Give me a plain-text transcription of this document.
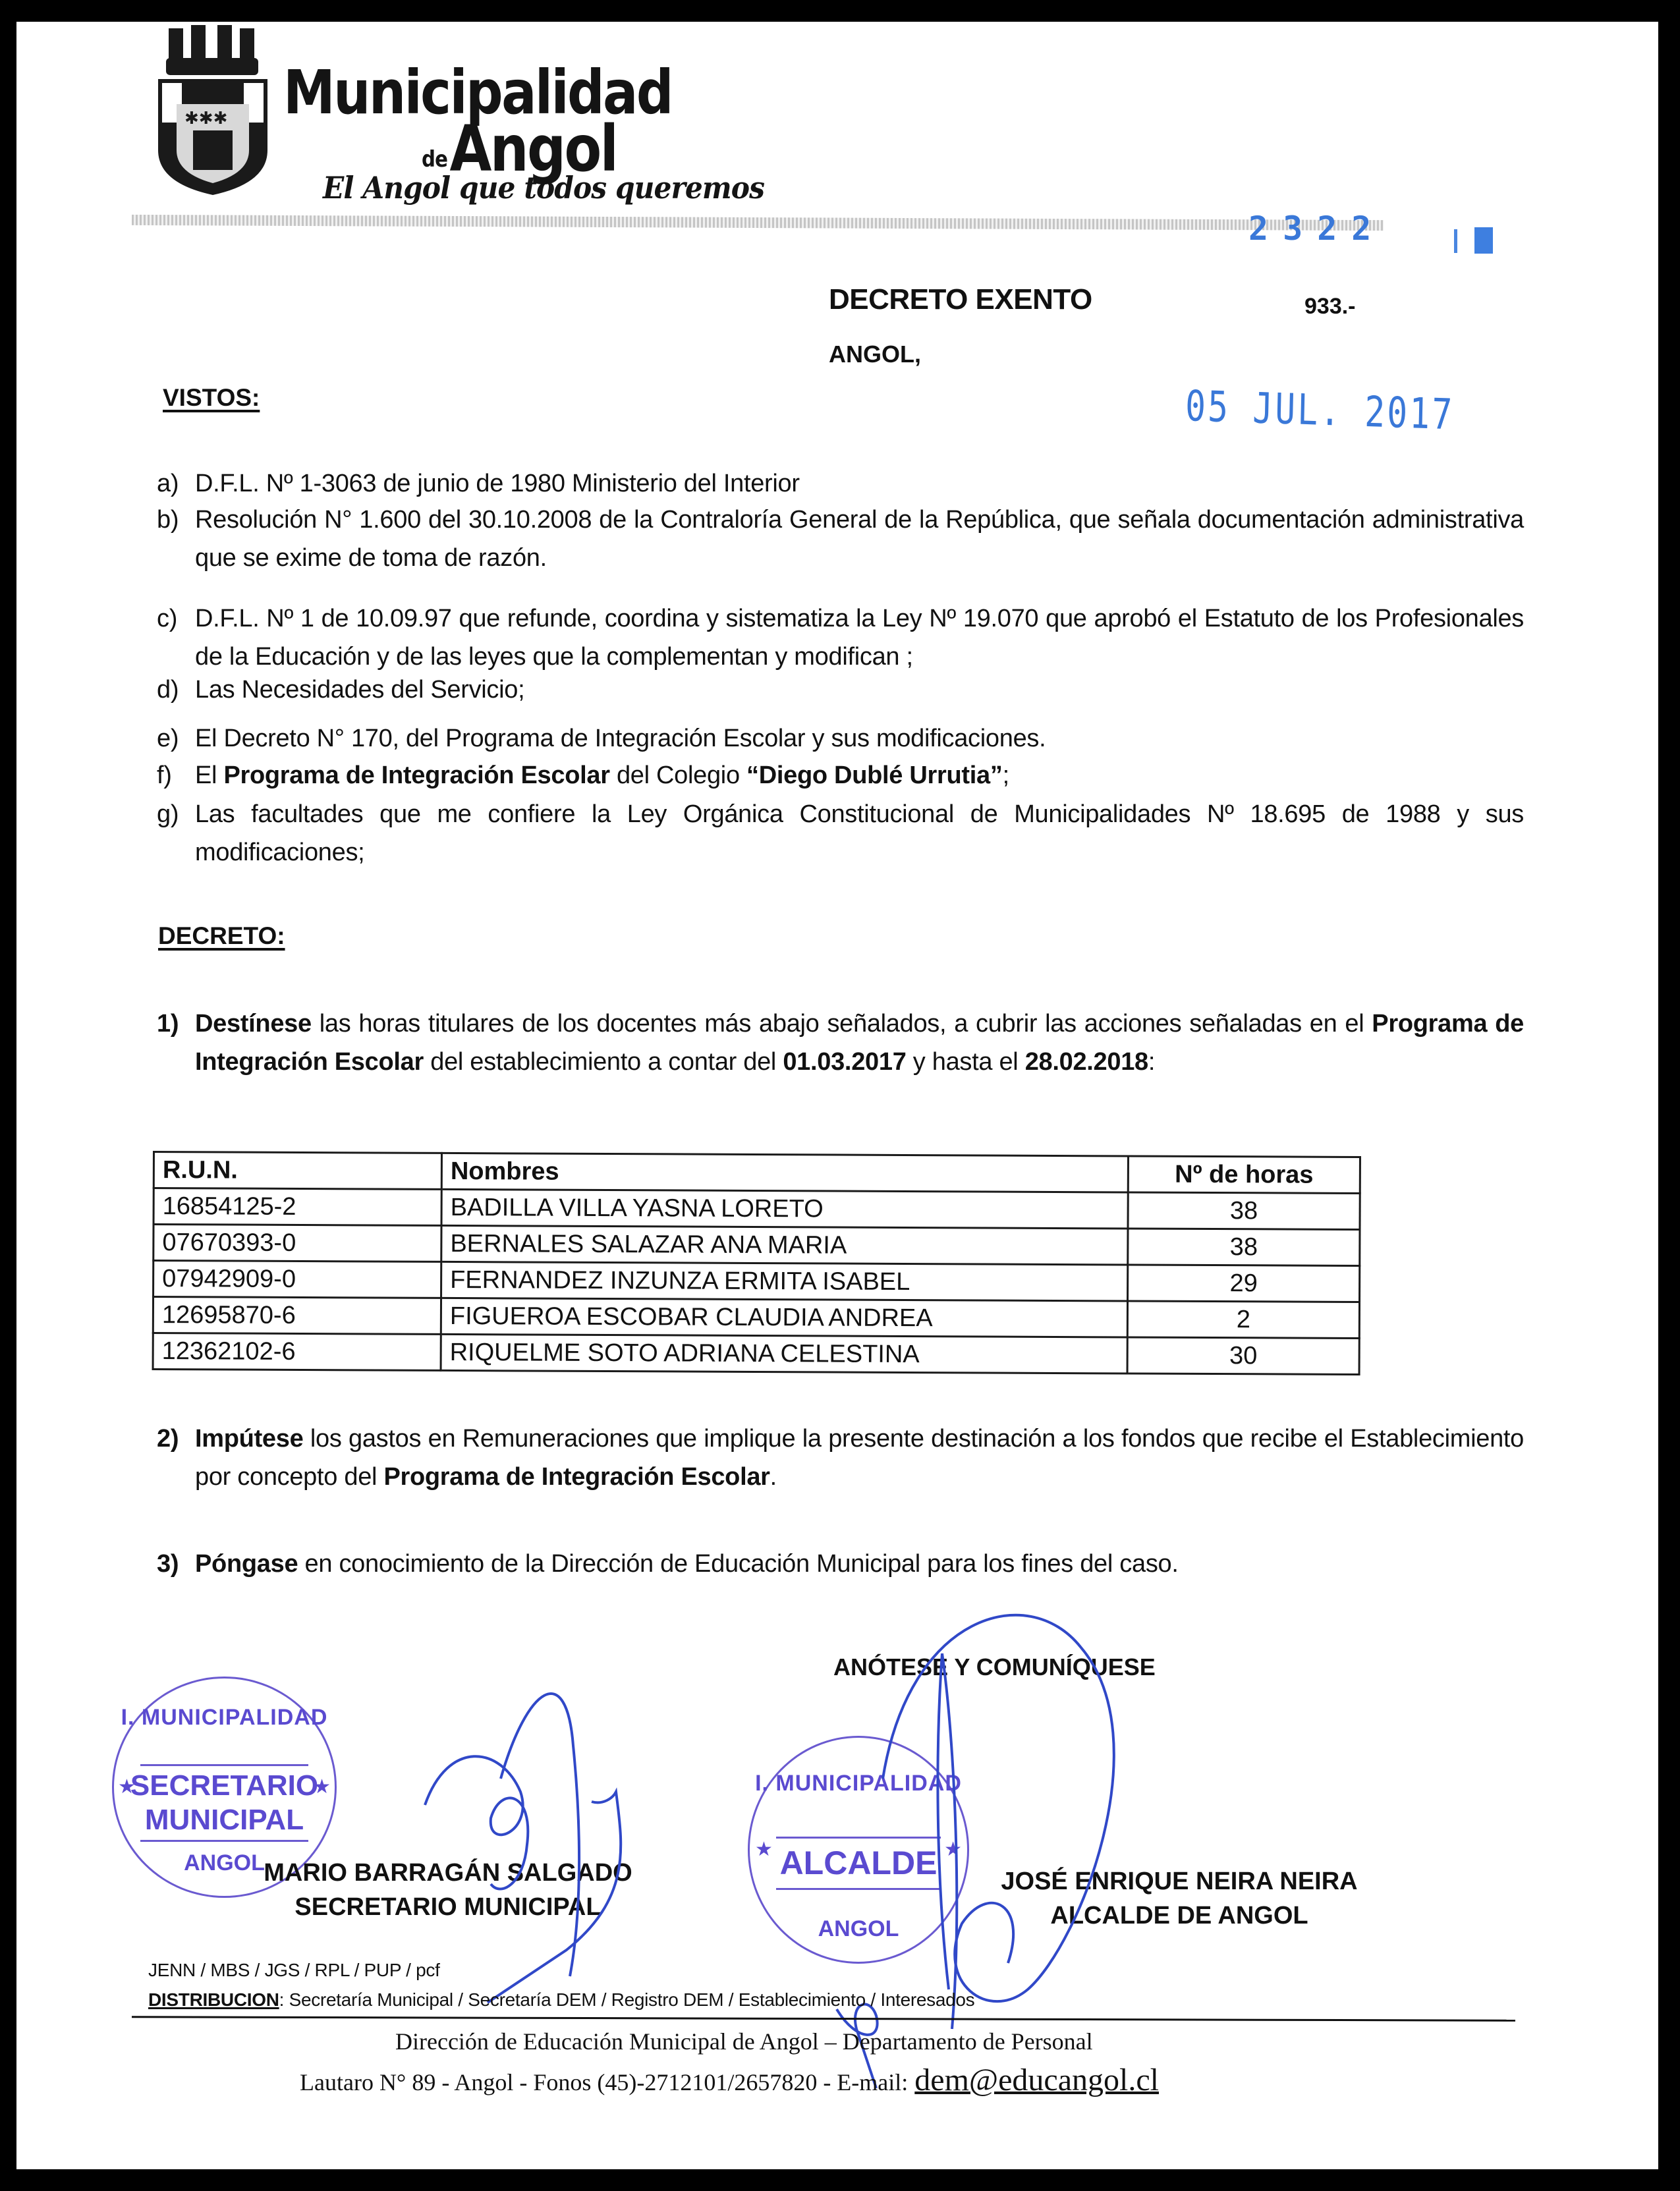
✱✱✱ Municipalidad
deAngol
El Angol que todos queremos
2322
DECRETO EXENTO	933.-
ANGOL,
05 JUL. 2017
VISTOS:
a) D.F.L. Nº 1-3063 de junio de 1980 Ministerio del Interior
b) Resolución N° 1.600 del 30.10.2008 de la Contraloría General de la República, que señala documentación administrativa que se exime de toma de razón.
c) D.F.L. Nº 1 de 10.09.97 que refunde, coordina y sistematiza la Ley Nº 19.070 que aprobó el Estatuto de los Profesionales de la Educación y de las leyes que la complementan y modifican ;
d) Las Necesidades del Servicio;
e) El Decreto N° 170, del Programa de Integración Escolar y sus modificaciones.
f) El Programa de Integración Escolar del Colegio “Diego Dublé Urrutia”;
g) Las facultades que me confiere la Ley Orgánica Constitucional de Municipalidades Nº 18.695 de 1988 y sus modificaciones;
DECRETO:
1) Destínese las horas titulares de los docentes más abajo señalados, a cubrir las acciones señaladas en el Programa de Integración Escolar del establecimiento a contar del 01.03.2017 y hasta el 28.02.2018:
R.U.N.	Nombres	Nº de horas
16854125-2	BADILLA VILLA YASNA LORETO	38
07670393-0	BERNALES SALAZAR ANA MARIA	38
07942909-0	FERNANDEZ INZUNZA ERMITA ISABEL	29
12695870-6	FIGUEROA ESCOBAR CLAUDIA ANDREA	2
12362102-6	RIQUELME SOTO ADRIANA CELESTINA	30
2) Impútese los gastos en Remuneraciones que implique la presente destinación a los fondos que recibe el Establecimiento por concepto del Programa de Integración Escolar.
3) Póngase en conocimiento de la Dirección de Educación Municipal para los fines del caso.
ANÓTESE Y COMUNÍQUESE
I. MUNICIPALIDAD
SECRETARIO
MUNICIPAL
★	★
ANGOL
I. MUNICIPALIDAD
ALCALDE
★	★
ANGOL
MARIO BARRAGÁN SALGADO
SECRETARIO MUNICIPAL
JOSÉ ENRIQUE NEIRA NEIRA
ALCALDE DE ANGOL
JENN / MBS / JGS / RPL / PUP / pcf
DISTRIBUCION: Secretaría Municipal / Secretaría DEM / Registro DEM / Establecimiento / Interesados
Dirección de Educación Municipal de Angol – Departamento de Personal
Lautaro N° 89 - Angol - Fonos (45)-2712101/2657820 - E-mail: dem@educangol.cl
